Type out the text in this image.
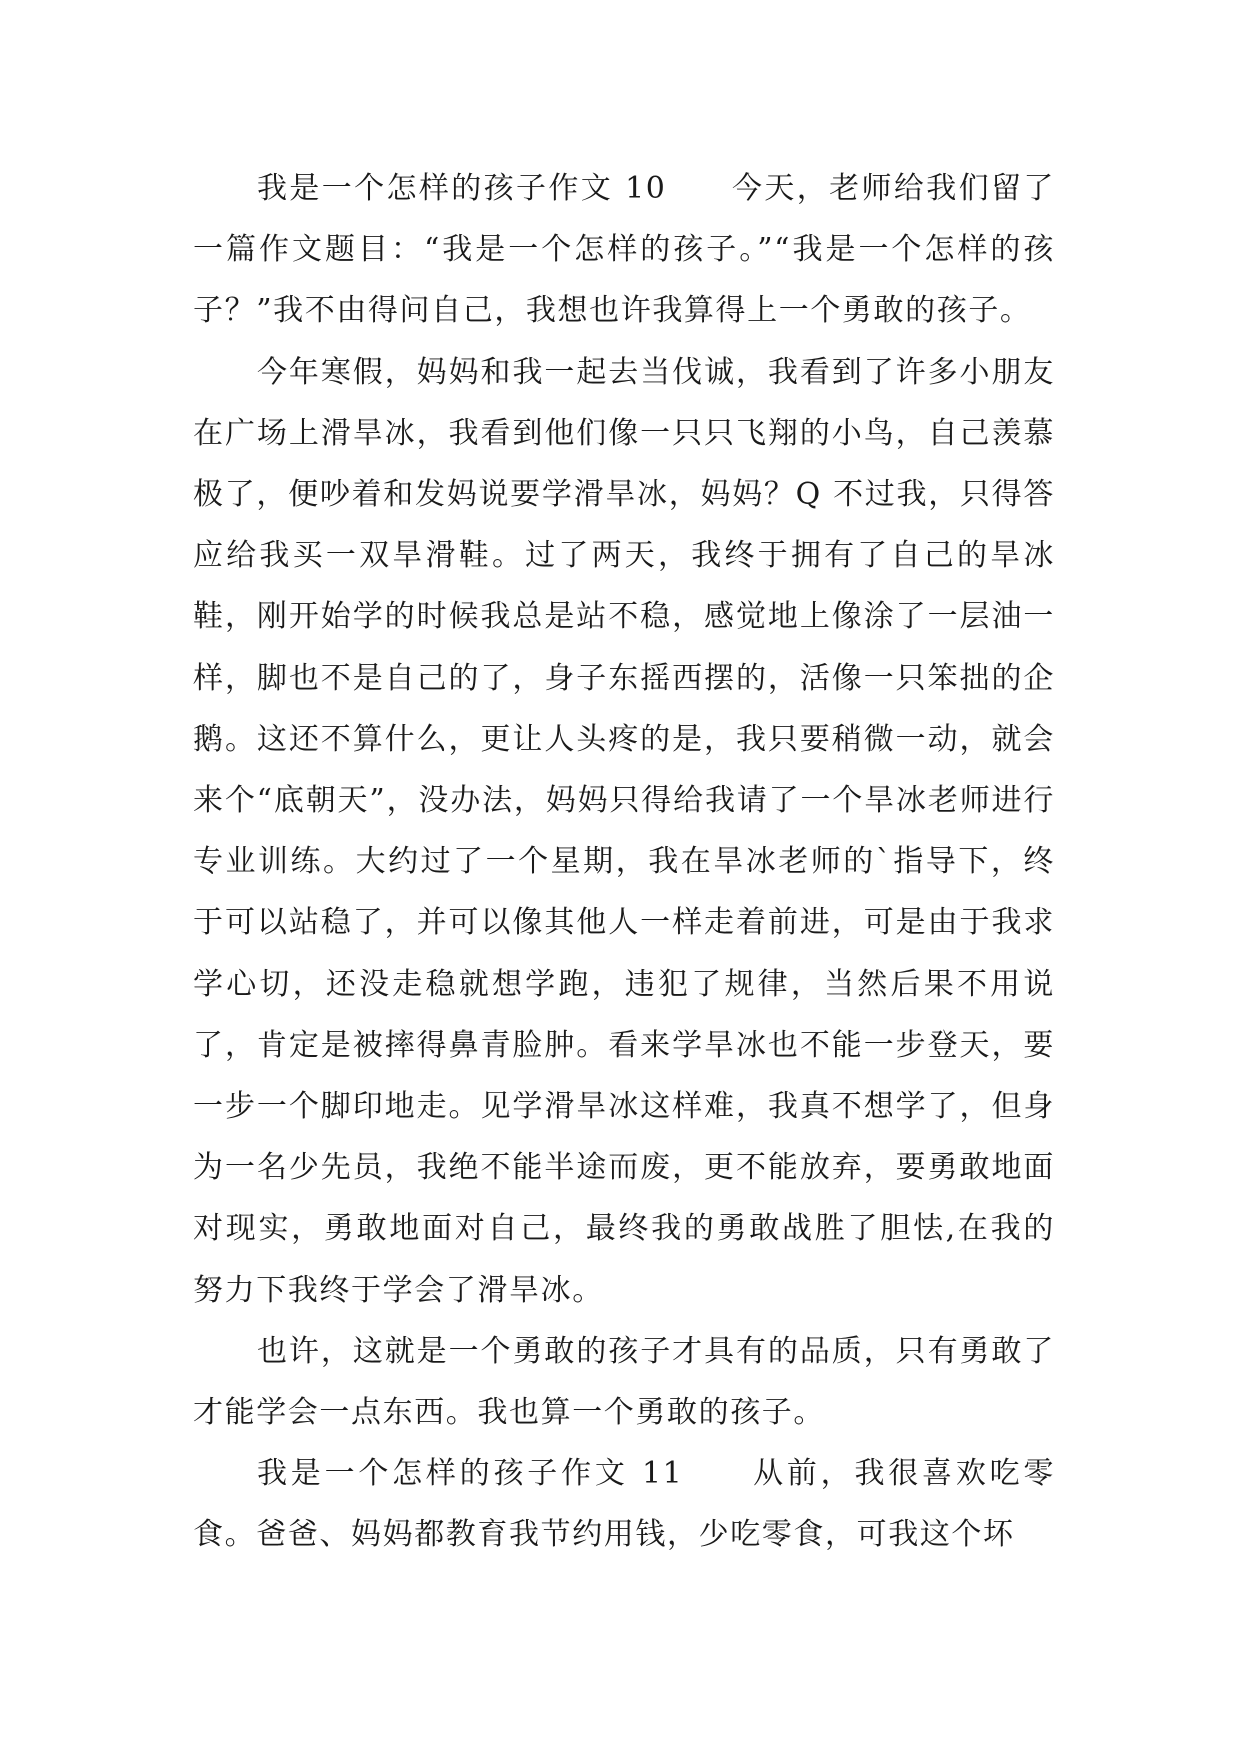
我是一个怎样的孩子作文 10　　今天，老师给我们留了一篇作文题目：“我是一个怎样的孩子。”“我是一个怎样的孩子？”我不由得问自己，我想也许我算得上一个勇敢的孩子。

今年寒假，妈妈和我一起去当伐诚，我看到了许多小朋友在广场上滑旱冰，我看到他们像一只只飞翔的小鸟，自己羡慕极了，便吵着和发妈说要学滑旱冰，妈妈？Q 不过我，只得答应给我买一双旱滑鞋。过了两天，我终于拥有了自己的旱冰鞋，刚开始学的时候我总是站不稳，感觉地上像涂了一层油一样，脚也不是自己的了，身子东摇西摆的，活像一只笨拙的企鹅。这还不算什么，更让人头疼的是，我只要稍微一动，就会来个“底朝天”，没办法，妈妈只得给我请了一个旱冰老师进行专业训练。大约过了一个星期，我在旱冰老师的`指导下，终于可以站稳了，并可以像其他人一样走着前进，可是由于我求学心切，还没走稳就想学跑，违犯了规律，当然后果不用说了，肯定是被摔得鼻青脸肿。看来学旱冰也不能一步登天，要一步一个脚印地走。见学滑旱冰这样难，我真不想学了，但身为一名少先员，我绝不能半途而废，更不能放弃，要勇敢地面对现实，勇敢地面对自己，最终我的勇敢战胜了胆怯,在我的努力下我终于学会了滑旱冰。

也许，这就是一个勇敢的孩子才具有的品质，只有勇敢了才能学会一点东西。我也算一个勇敢的孩子。

我是一个怎样的孩子作文 11　　从前，我很喜欢吃零食。爸爸、妈妈都教育我节约用钱，少吃零食，可我这个坏
